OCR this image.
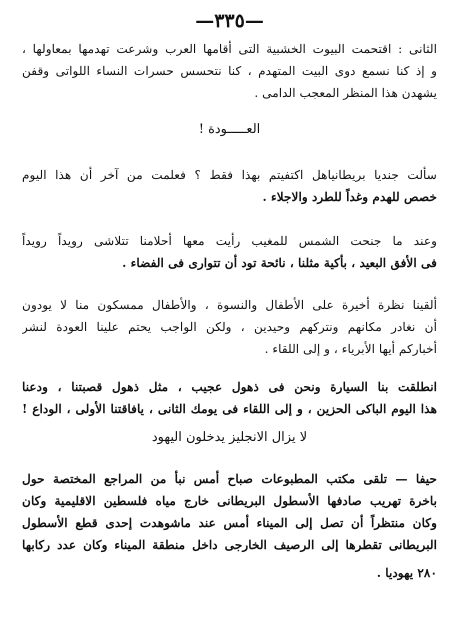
—٣٣٥—
الثانى : اقتحمت البيوت الخشبية التى أقامها العرب وشرعت تهدمها بمعاولها ،
و إذ كنا نسمع دوى البيت المتهدم ، كنا نتحسس حسرات النساء اللواتى وقفن
يشهدن هذا المنظر المعجب الدامى .
العـــــودة !
سألت جنديا بريطانياهل اكتفيتم بهذا فقط ؟ فعلمت من آخر أن هذا اليوم
خصص للهدم وغداً للطرد والاجلاء .
وعند ما جنحت الشمس للمغيب رأيت معها أحلامنا تتلاشى رويداً رويداً
فى الأفق البعيد ، بأكية مثلنا ، نائحة تود أن تتوارى فى الفضاء .
ألقينا نظرة أخيرة على الأطفال والنسوة ، والأطفال ممسكون منا لا يودون
أن نغادر مكانهم ونتركهم وحيدين ، ولكن الواجب يحتم علينا العودة لنشر
أخباركم أيها الأبرياء ، و إلى اللقاء .
انطلقت بنا السيارة ونحن فى ذهول عجيب ، مثل ذهول قصبتنا ، ودعنا
هذا اليوم الباكى الحزين ، و إلى اللقاء فى يومك الثانى ، يافاقتنا الأولى ، الوداع !
لا يزال الانجليز يدخلون اليهود
حيفا — تلقى مكتب المطبوعات صباح أمس نبأ من المراجع المختصة حول
باخرة تهريب صادفها الأسطول البريطانى خارج مياه فلسطين الاقليمية وكان
وكان منتظراً أن تصل إلى الميناء أمس عند ماشوهدت إحدى قطع الأسطول
البريطانى تقطرها إلى الرصيف الخارجى داخل منطقة الميناء وكان عدد ركابها
٢٨٠ يهوديا .
